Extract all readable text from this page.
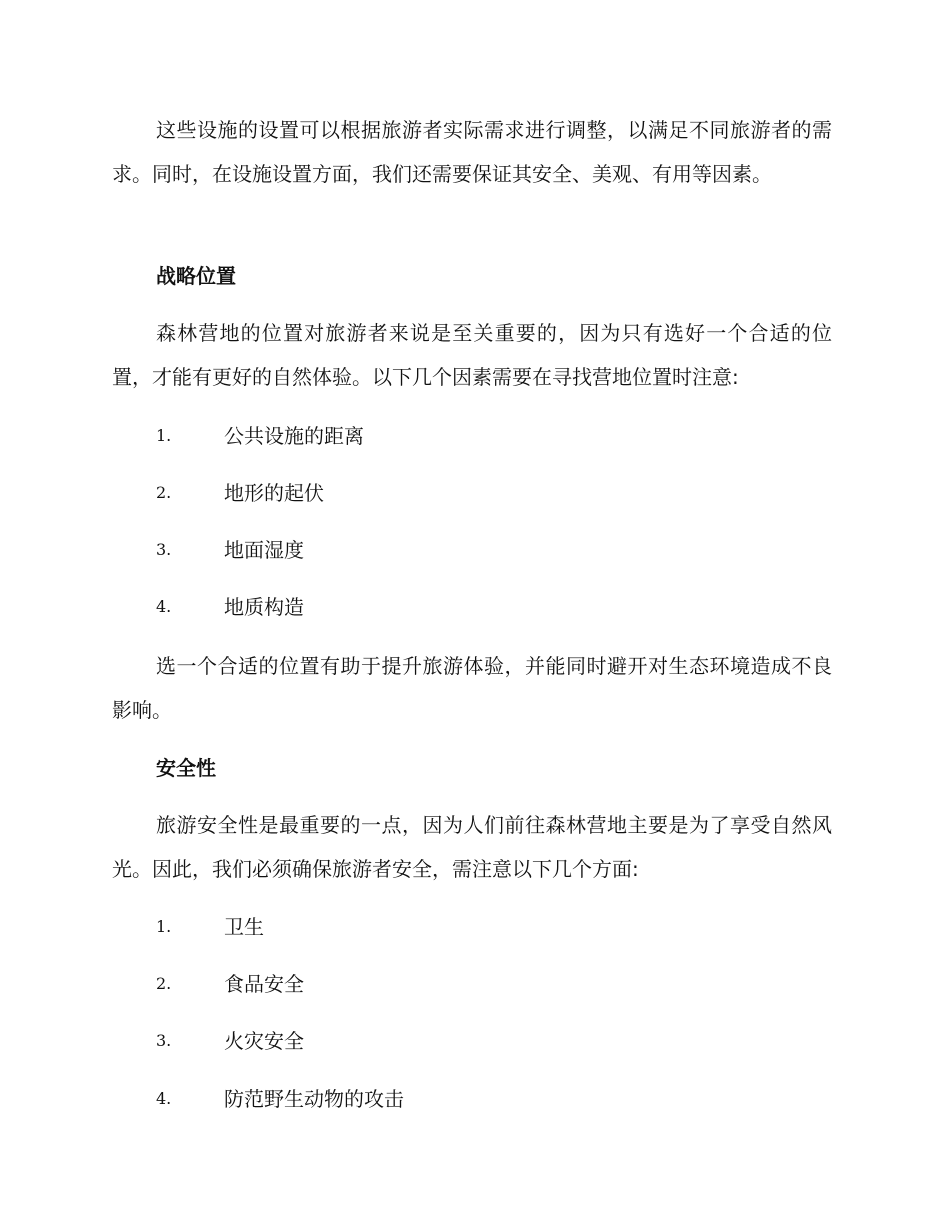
这些设施的设置可以根据旅游者实际需求进行调整，以满足不同旅游者的需求。同时，在设施设置方面，我们还需要保证其安全、美观、有用等因素。

战略位置

森林营地的位置对旅游者来说是至关重要的，因为只有选好一个合适的位置，才能有更好的自然体验。以下几个因素需要在寻找营地位置时注意:

1.	公共设施的距离
2.	地形的起伏
3.	地面湿度
4.	地质构造

选一个合适的位置有助于提升旅游体验，并能同时避开对生态环境造成不良影响。

安全性

旅游安全性是最重要的一点，因为人们前往森林营地主要是为了享受自然风光。因此，我们必须确保旅游者安全，需注意以下几个方面:

1.	卫生
2.	食品安全
3.	火灾安全
4.	防范野生动物的攻击
